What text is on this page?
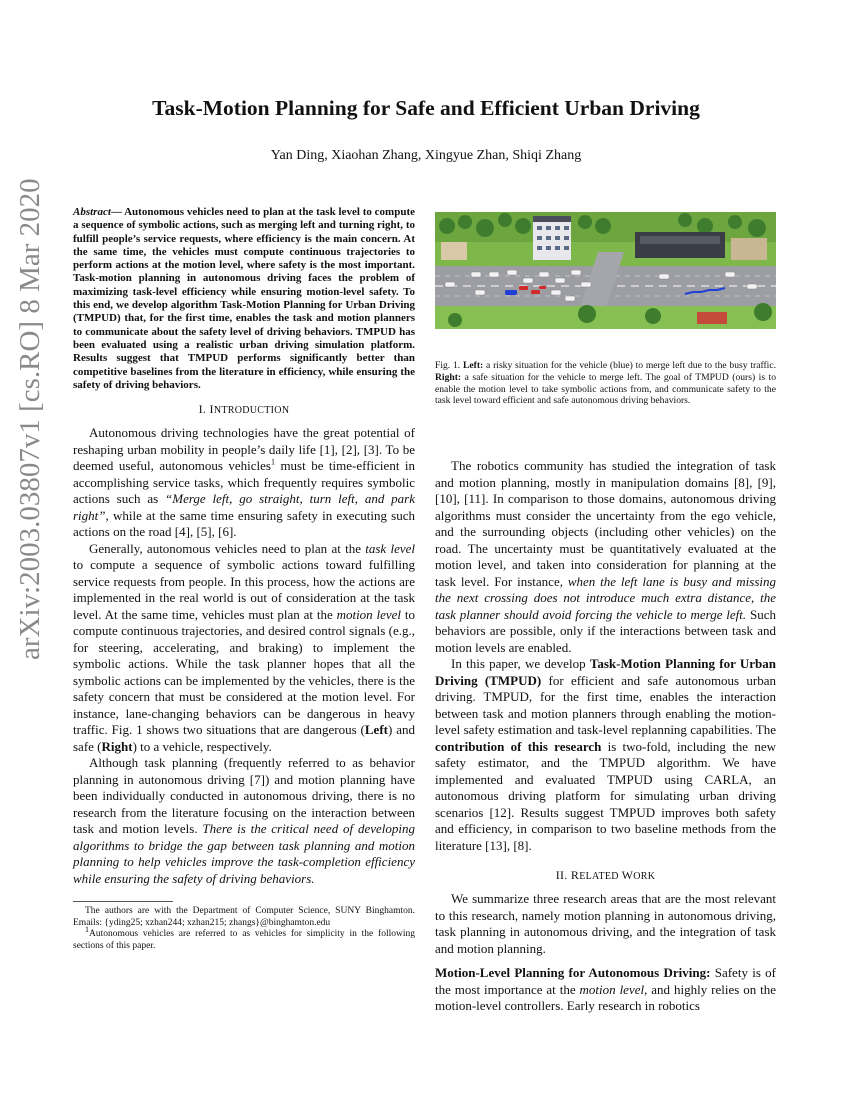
arXiv:2003.03807v1 [cs.RO] 8 Mar 2020
Task-Motion Planning for Safe and Efficient Urban Driving
Yan Ding, Xiaohan Zhang, Xingyue Zhan, Shiqi Zhang
Abstract— Autonomous vehicles need to plan at the task level to compute a sequence of symbolic actions, such as merging left and turning right, to fulfill people’s service requests, where efficiency is the main concern. At the same time, the vehicles must compute continuous trajectories to perform actions at the motion level, where safety is the most important. Task-motion planning in autonomous driving faces the problem of maximizing task-level efficiency while ensuring motion-level safety. To this end, we develop algorithm Task-Motion Planning for Urban Driving (TMPUD) that, for the first time, enables the task and motion planners to communicate about the safety level of driving behaviors. TMPUD has been evaluated using a realistic urban driving simulation platform. Results suggest that TMPUD performs significantly better than competitive baselines from the literature in efficiency, while ensuring the safety of driving behaviors.
I. INTRODUCTION

Autonomous driving technologies have the great potential of reshaping urban mobility in people’s daily life [1], [2], [3]. To be deemed useful, autonomous vehicles$^1$ must be time-efficient in accomplishing service tasks, which frequently requires symbolic actions such as “Merge left, go straight, turn left, and park right”, while at the same time ensuring safety in executing such actions on the road [4], [5], [6].

Generally, autonomous vehicles need to plan at the task level to compute a sequence of symbolic actions toward fulfilling service requests from people. In this process, how the actions are implemented in the real world is out of consideration at the task level. At the same time, vehicles must plan at the motion level to compute continuous trajectories, and desired control signals (e.g., for steering, accelerating, and braking) to implement the symbolic actions. While the task planner hopes that all the symbolic actions can be implemented by the vehicles, there is the safety concern that must be considered at the motion level. For instance, lane-changing behaviors can be dangerous in heavy traffic. Fig. 1 shows two situations that are dangerous (Left) and safe (Right) to a vehicle, respectively.

Although task planning (frequently referred to as behavior planning in autonomous driving [7]) and motion planning have been individually conducted in autonomous driving, there is no research from the literature focusing on the interaction between task and motion levels. There is the critical need of developing algorithms to bridge the gap between task planning and motion planning to help vehicles improve the task-completion efficiency while ensuring the safety of driving behaviors.

The authors are with the Department of Computer Science, SUNY Binghamton. Emails: {yding25; xzhan244; xzhan215; zhangs}@binghamton.edu

$^1$Autonomous vehicles are referred to as vehicles for simplicity in the following sections of this paper.

Fig. 1. Left: a risky situation for the vehicle (blue) to merge left due to the busy traffic. Right: a safe situation for the vehicle to merge left. The goal of TMPUD (ours) is to enable the motion level to take symbolic actions from, and communicate safety to the task level toward efficient and safe autonomous driving behaviors.

The robotics community has studied the integration of task and motion planning, mostly in manipulation domains [8], [9], [10], [11]. In comparison to those domains, autonomous driving algorithms must consider the uncertainty from the ego vehicle, and the surrounding objects (including other vehicles) on the road. The uncertainty must be quantitatively evaluated at the motion level, and taken into consideration for planning at the task level. For instance, when the left lane is busy and missing the next crossing does not introduce much extra distance, the task planner should avoid forcing the vehicle to merge left. Such behaviors are possible, only if the interactions between task and motion levels are enabled.

In this paper, we develop Task-Motion Planning for Urban Driving (TMPUD) for efficient and safe autonomous urban driving. TMPUD, for the first time, enables the interaction between task and motion planners through enabling the motion-level safety estimation and task-level replanning capabilities. The contribution of this research is two-fold, including the new safety estimator, and the TMPUD algorithm. We have implemented and evaluated TMPUD using CARLA, an autonomous driving platform for simulating urban driving scenarios [12]. Results suggest TMPUD improves both safety and efficiency, in comparison to two baseline methods from the literature [13], [8].

II. RELATED WORK

We summarize three research areas that are the most relevant to this research, namely motion planning in autonomous driving, task planning in autonomous driving, and the integration of task and motion planning.

Motion-Level Planning for Autonomous Driving: Safety is of the most importance at the motion level, and highly relies on the motion-level controllers. Early research in robotics
